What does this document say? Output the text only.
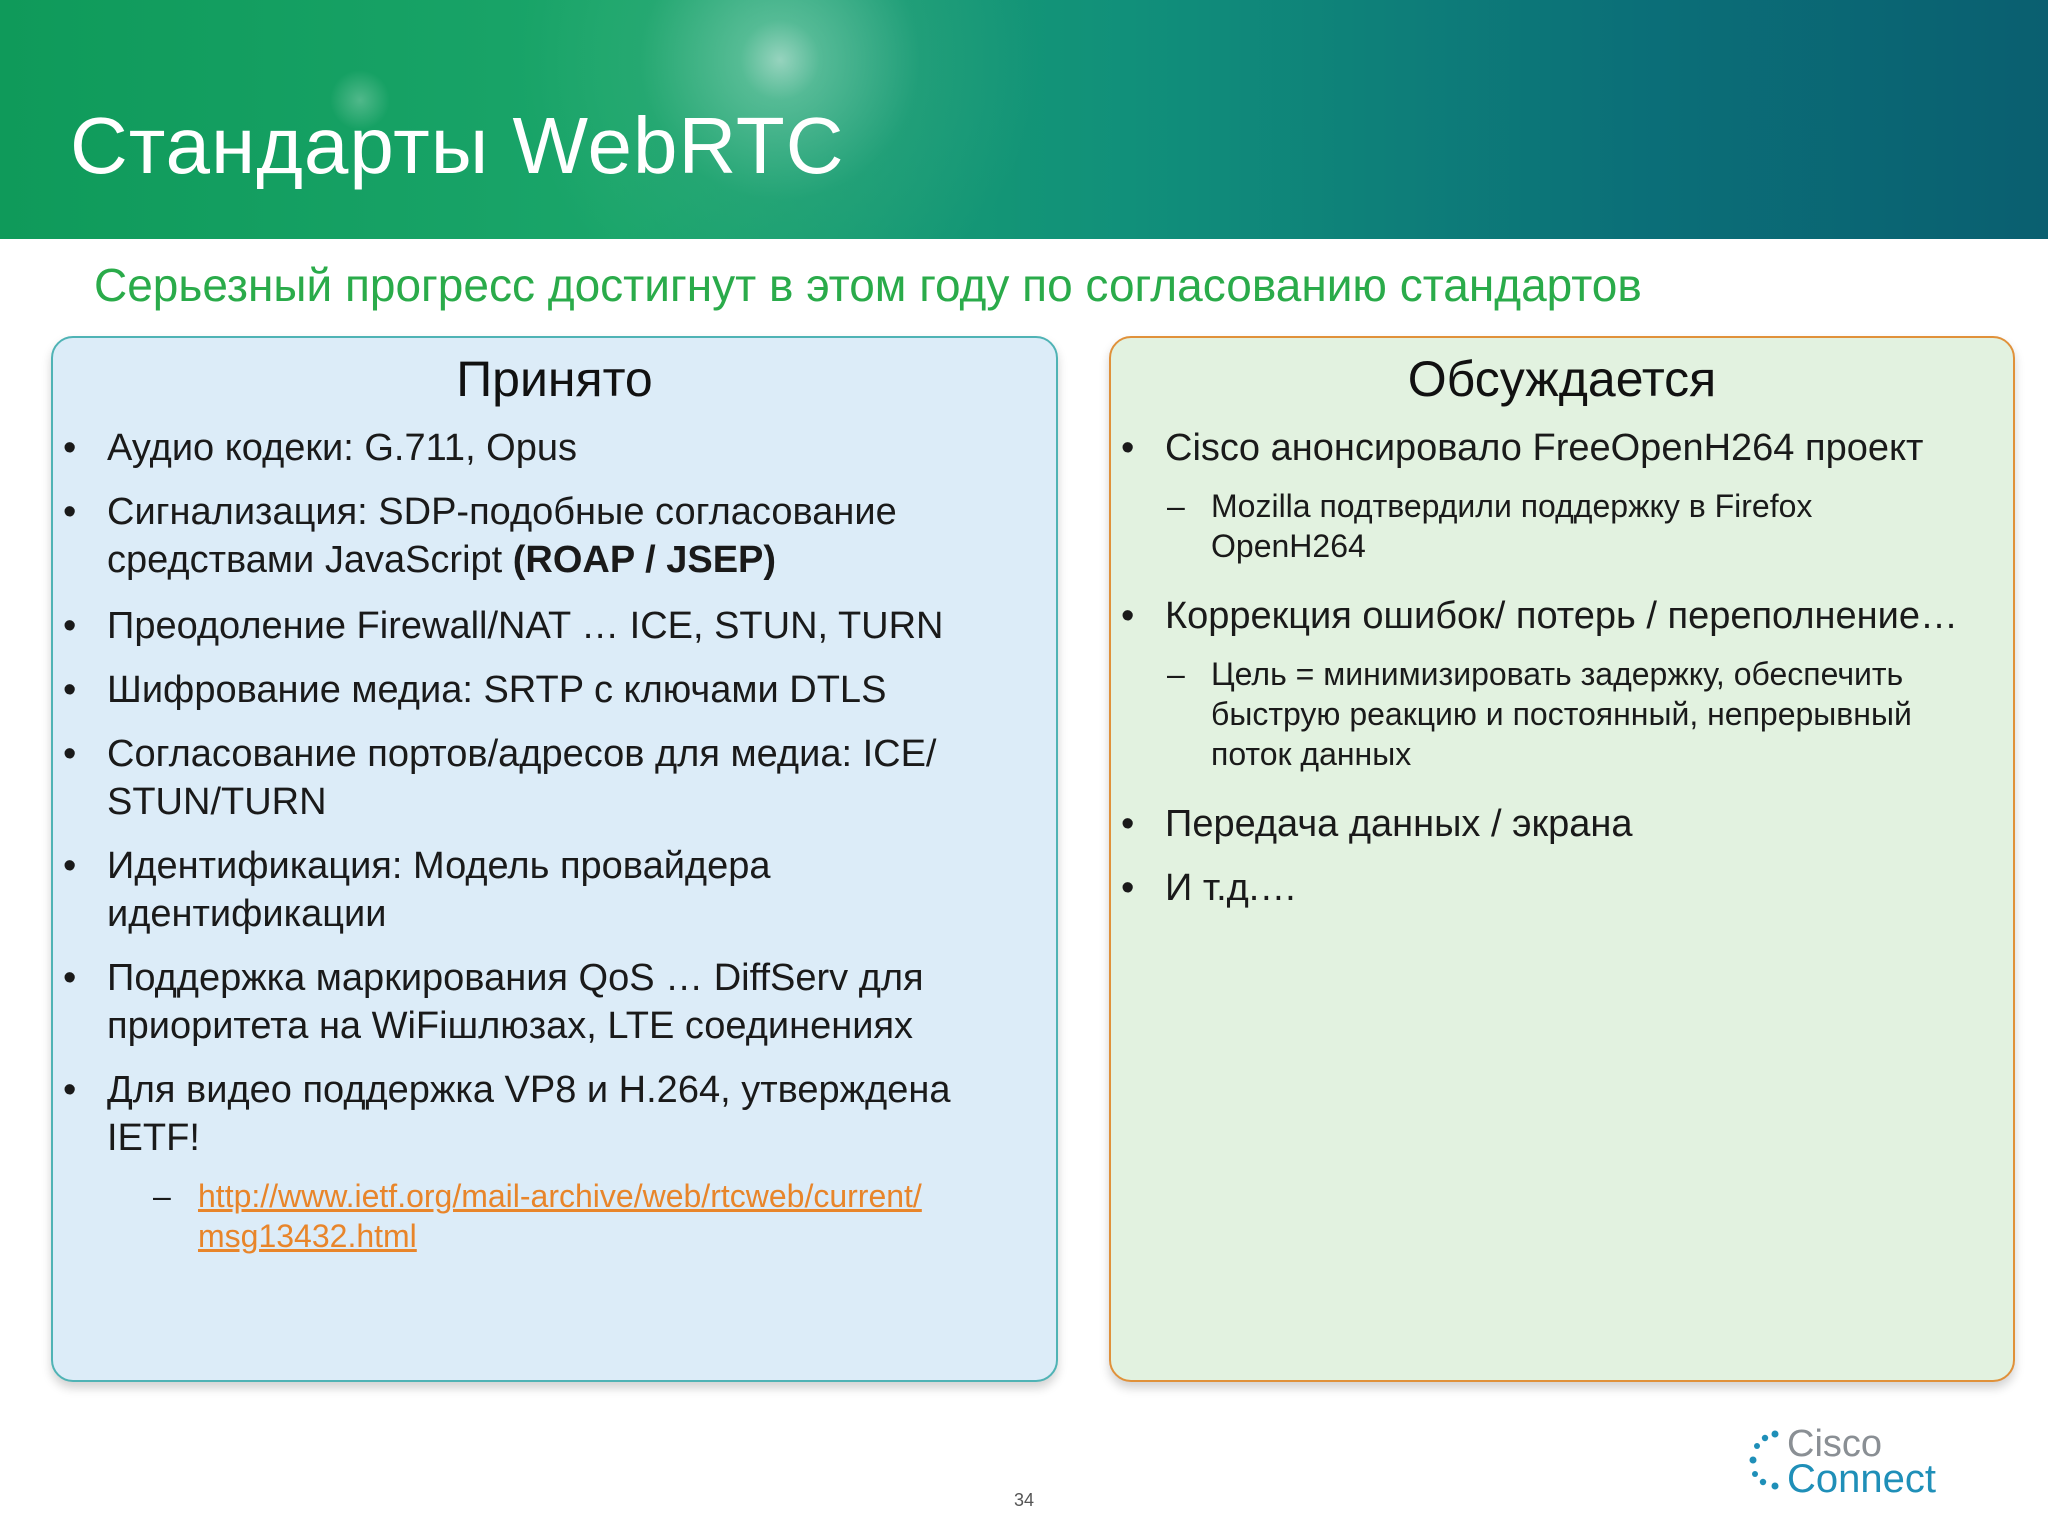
Стандарты WebRTC
Серьезный прогресс достигнут в этом году по согласованию стандартов
Принято
• Аудио кодеки: G.711, Opus
• Сигнализация: SDP-подобные согласование средствами JavaScript (ROAP / JSEP)
• Преодоление Firewall/NAT … ICE, STUN, TURN
• Шифрование медиа: SRTP с ключами DTLS
• Согласование портов/адресов для медиа: ICE/ STUN/TURN
• Идентификация: Модель провайдера идентификации
• Поддержка маркирования QoS … DiffServ для приоритета на WiFiшлюзах, LTE соединениях
• Для видео поддержка VP8 и H.264, утверждена IETF!
– http://www.ietf.org/mail-archive/web/rtcweb/current/ msg13432.html
Обсуждается
• Cisco анонсировало FreeOpenH264 проект
– Mozilla подтвердили поддержку в Firefox OpenH264
• Коррекция ошибок/ потерь / переполнение…
– Цель = минимизировать задержку, обеспечить быструю реакцию и постоянный, непрерывный поток данных
• Передача данных / экрана
• И т.д.…
34
Cisco
Connect
